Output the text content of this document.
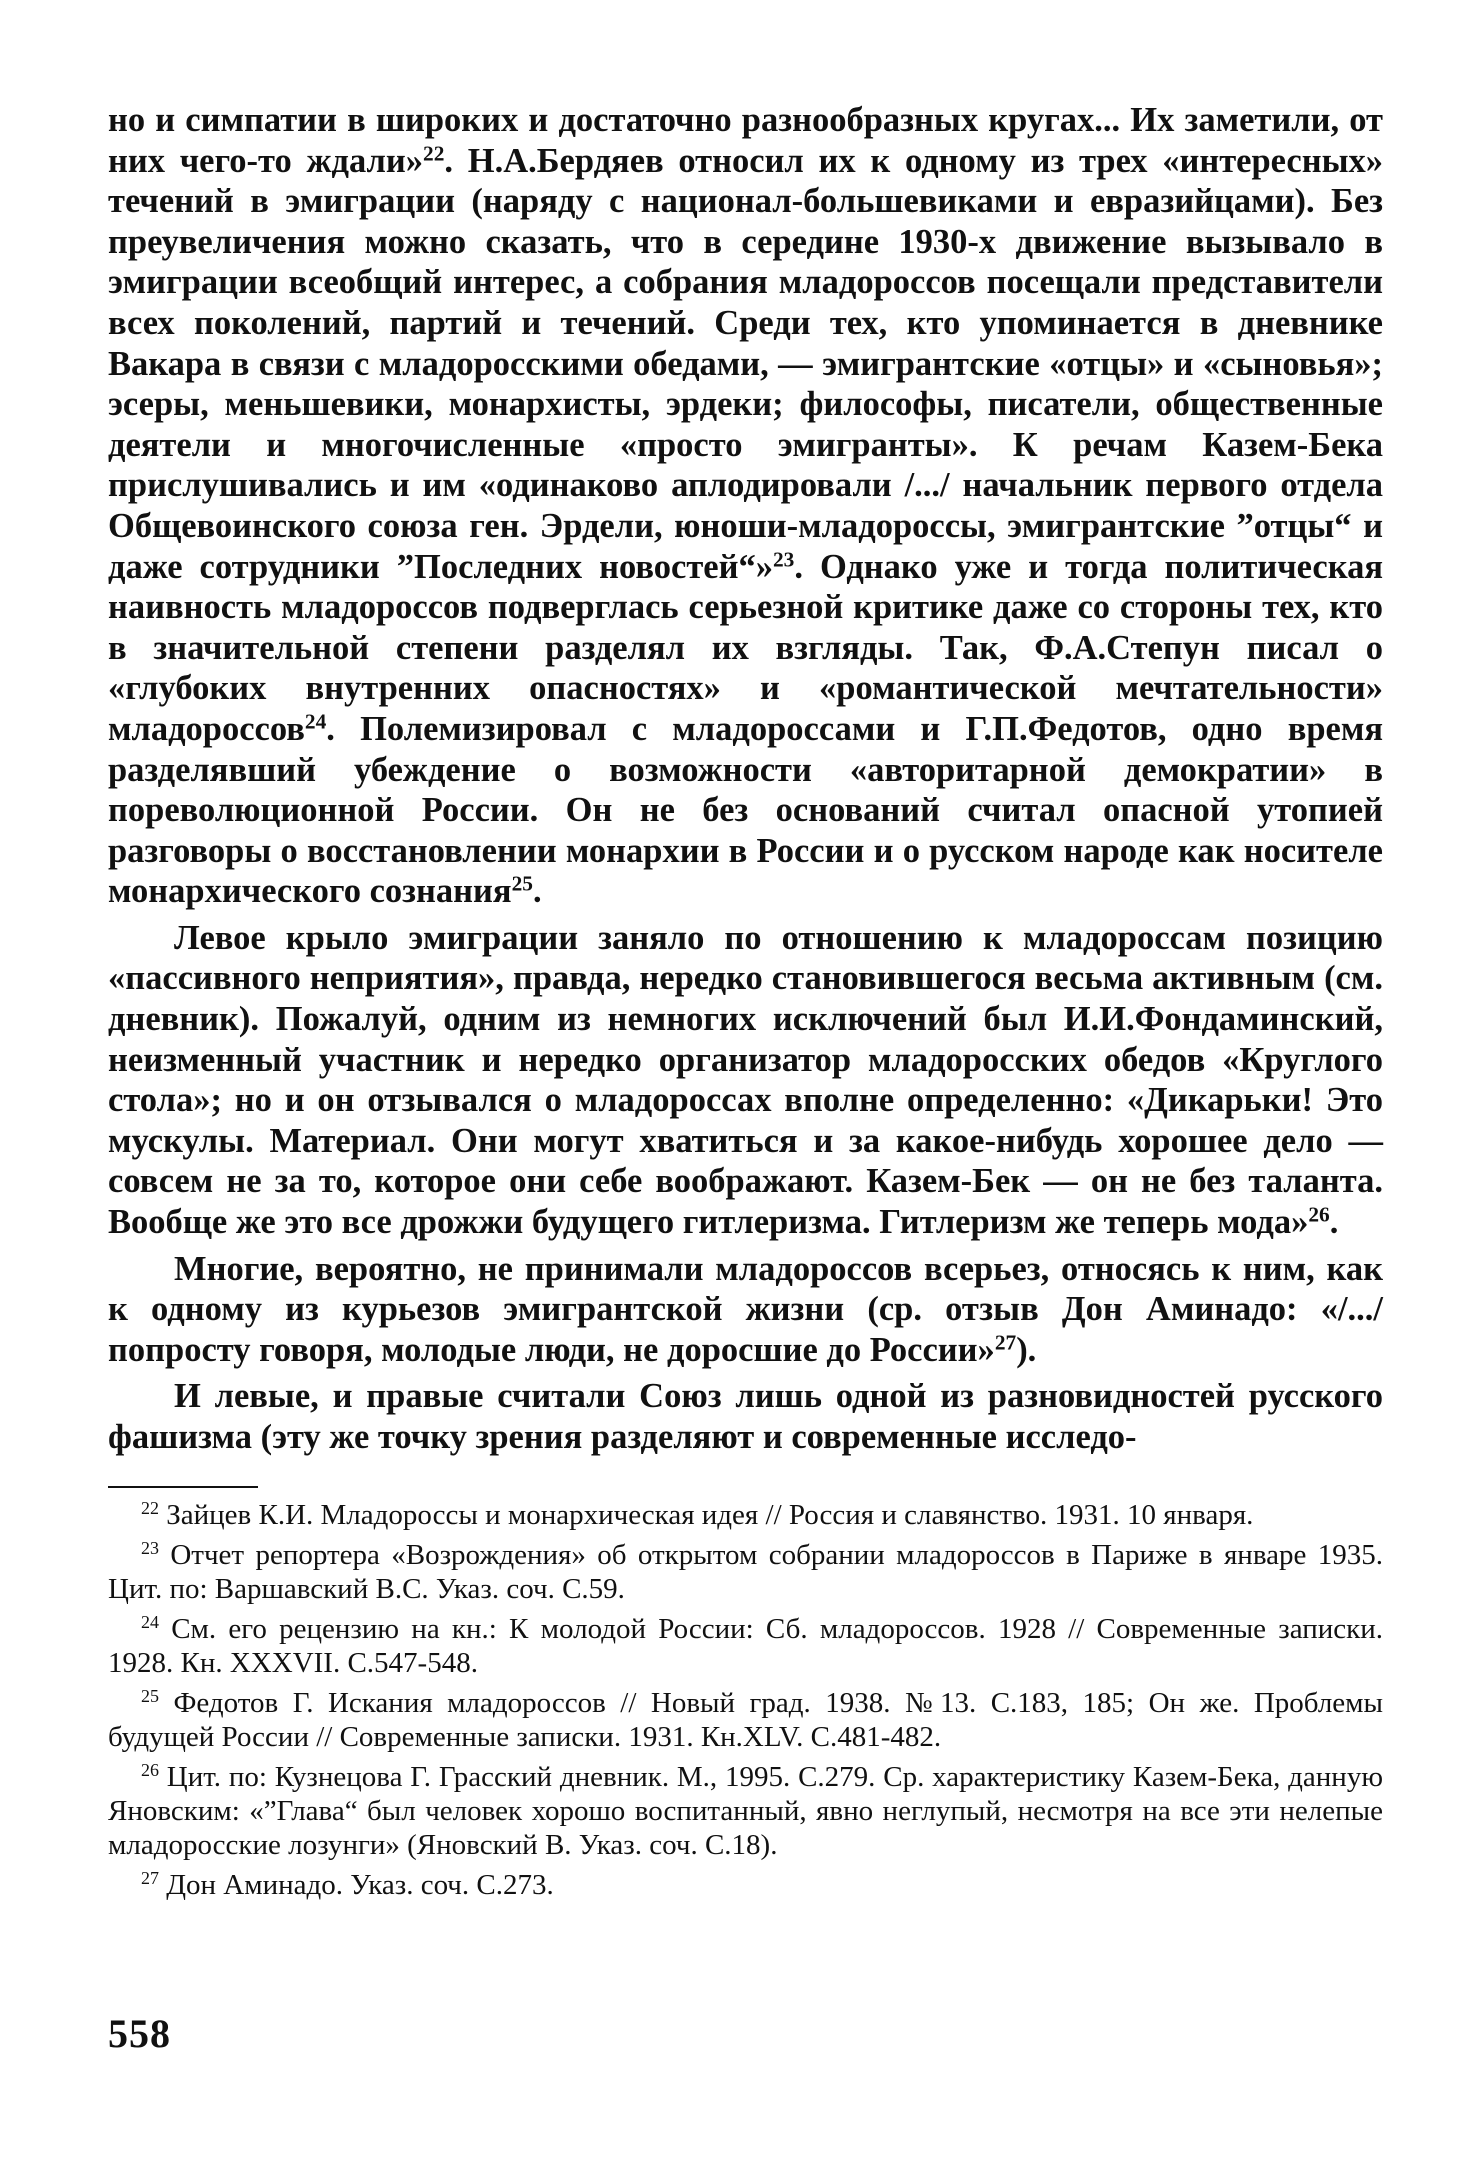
но и симпатии в широких и достаточно разнообразных кругах... Их заметили, от них чего-то ждали»$^{22}$. Н.А.Бердяев относил их к одному из трех «интересных» течений в эмиграции (наряду с национал-большевиками и евразийцами). Без преувеличения можно сказать, что в середине 1930-х движение вызывало в эмиграции всеобщий интерес, а собрания младороссов посещали представители всех поколений, партий и течений. Среди тех, кто упоминается в дневнике Вакара в связи с младоросскими обедами, — эмигрантские «отцы» и «сыновья»; эсеры, меньшевики, монархисты, эрдеки; философы, писатели, общественные деятели и многочисленные «просто эмигранты». К речам Казем-Бека прислушивались и им «одинаково аплодировали /.../ начальник первого отдела Общевоинского союза ген. Эрдели, юноши-младороссы, эмигрантские ”отцы“ и даже сотрудники ”Последних новостей“»$^{23}$. Однако уже и тогда политическая наивность младороссов подверглась серьезной критике даже со стороны тех, кто в значительной степени разделял их взгляды. Так, Ф.А.Степун писал о «глубоких внутренних опасностях» и «романтической мечтательности» младороссов$^{24}$. Полемизировал с младороссами и Г.П.Федотов, одно время разделявший убеждение о возможности «авторитарной демократии» в пореволюционной России. Он не без оснований считал опасной утопией разговоры о восстановлении монархии в России и о русском народе как носителе монархического сознания$^{25}$.

Левое крыло эмиграции заняло по отношению к младороссам позицию «пассивного неприятия», правда, нередко становившегося весьма активным (см. дневник). Пожалуй, одним из немногих исключений был И.И.Фондаминский, неизменный участник и нередко организатор младоросских обедов «Круглого стола»; но и он отзывался о младороссах вполне определенно: «Дикарьки! Это мускулы. Материал. Они могут хватиться и за какое-нибудь хорошее дело — совсем не за то, которое они себе воображают. Казем-Бек — он не без таланта. Вообще же это все дрожжи будущего гитлеризма. Гитлеризм же теперь мода»$^{26}$.

Многие, вероятно, не принимали младороссов всерьез, относясь к ним, как к одному из курьезов эмигрантской жизни (ср. отзыв Дон Аминадо: «/.../ попросту говоря, молодые люди, не доросшие до России»$^{27}$).

И левые, и правые считали Союз лишь одной из разновидностей русского фашизма (эту же точку зрения разделяют и современные исследо-

$^{22}$ Зайцев К.И. Младороссы и монархическая идея // Россия и славянство. 1931. 10 января.

$^{23}$ Отчет репортера «Возрождения» об открытом собрании младороссов в Париже в январе 1935. Цит. по: Варшавский В.С. Указ. соч. С.59.

$^{24}$ См. его рецензию на кн.: К молодой России: Сб. младороссов. 1928 // Современные записки. 1928. Кн. XXXVII. С.547-548.

$^{25}$ Федотов Г. Искания младороссов // Новый град. 1938. №13. С.183, 185; Он же. Проблемы будущей России // Современные записки. 1931. Кн.XLV. С.481-482.

$^{26}$ Цит. по: Кузнецова Г. Грасский дневник. М., 1995. С.279. Ср. характеристику Казем-Бека, данную Яновским: «”Глава“ был человек хорошо воспитанный, явно неглупый, несмотря на все эти нелепые младоросские лозунги» (Яновский В. Указ. соч. С.18).

$^{27}$ Дон Аминадо. Указ. соч. С.273.

558
